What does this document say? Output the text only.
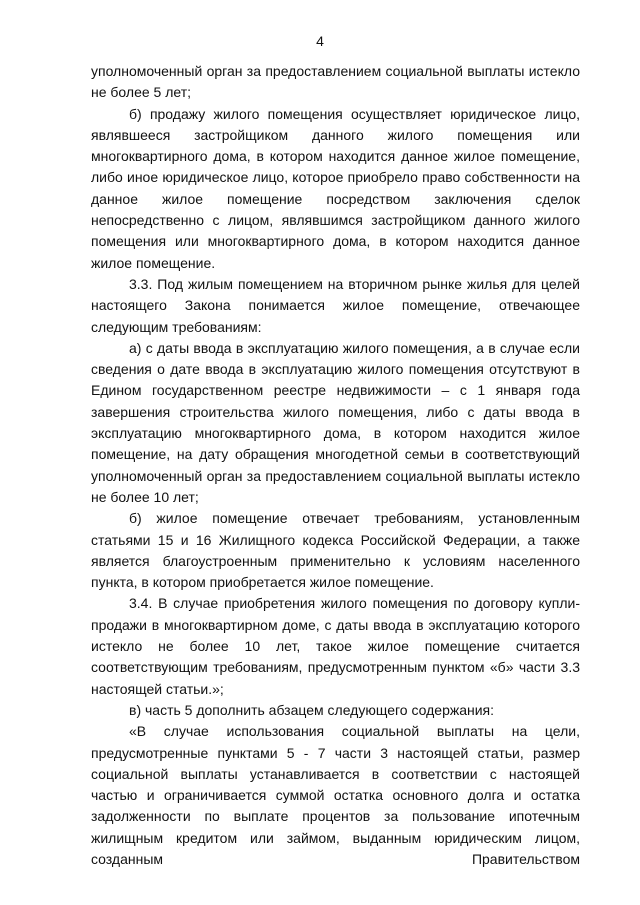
4

уполномоченный орган за предоставлением социальной выплаты истекло не более 5 лет;

б) продажу жилого помещения осуществляет юридическое лицо, являвшееся застройщиком данного жилого помещения или многоквартирного дома, в котором находится данное жилое помещение, либо иное юридическое лицо, которое приобрело право собственности на данное жилое помещение посредством заключения сделок непосредственно с лицом, являвшимся застройщиком данного жилого помещения или многоквартирного дома, в котором находится данное жилое помещение.

3.3. Под жилым помещением на вторичном рынке жилья для целей настоящего Закона понимается жилое помещение, отвечающее следующим требованиям:

а) с даты ввода в эксплуатацию жилого помещения, а в случае если сведения о дате ввода в эксплуатацию жилого помещения отсутствуют в Едином государственном реестре недвижимости – с 1 января года завершения строительства жилого помещения, либо с даты ввода в эксплуатацию многоквартирного дома, в котором находится жилое помещение, на дату обращения многодетной семьи в соответствующий уполномоченный орган за предоставлением социальной выплаты истекло не более 10 лет;

б) жилое помещение отвечает требованиям, установленным статьями 15 и 16 Жилищного кодекса Российской Федерации, а также является благоустроенным применительно к условиям населенного пункта, в котором приобретается жилое помещение.

3.4. В случае приобретения жилого помещения по договору купли-продажи в многоквартирном доме, с даты ввода в эксплуатацию которого истекло не более 10 лет, такое жилое помещение считается соответствующим требованиям, предусмотренным пунктом «б» части 3.3 настоящей статьи.»;

в) часть 5 дополнить абзацем следующего содержания:

«В случае использования социальной выплаты на цели, предусмотренные пунктами 5 - 7 части 3 настоящей статьи, размер социальной выплаты устанавливается в соответствии с настоящей частью и ограничивается суммой остатка основного долга и остатка задолженности по выплате процентов за пользование ипотечным жилищным кредитом или займом, выданным юридическим лицом, созданным Правительством
